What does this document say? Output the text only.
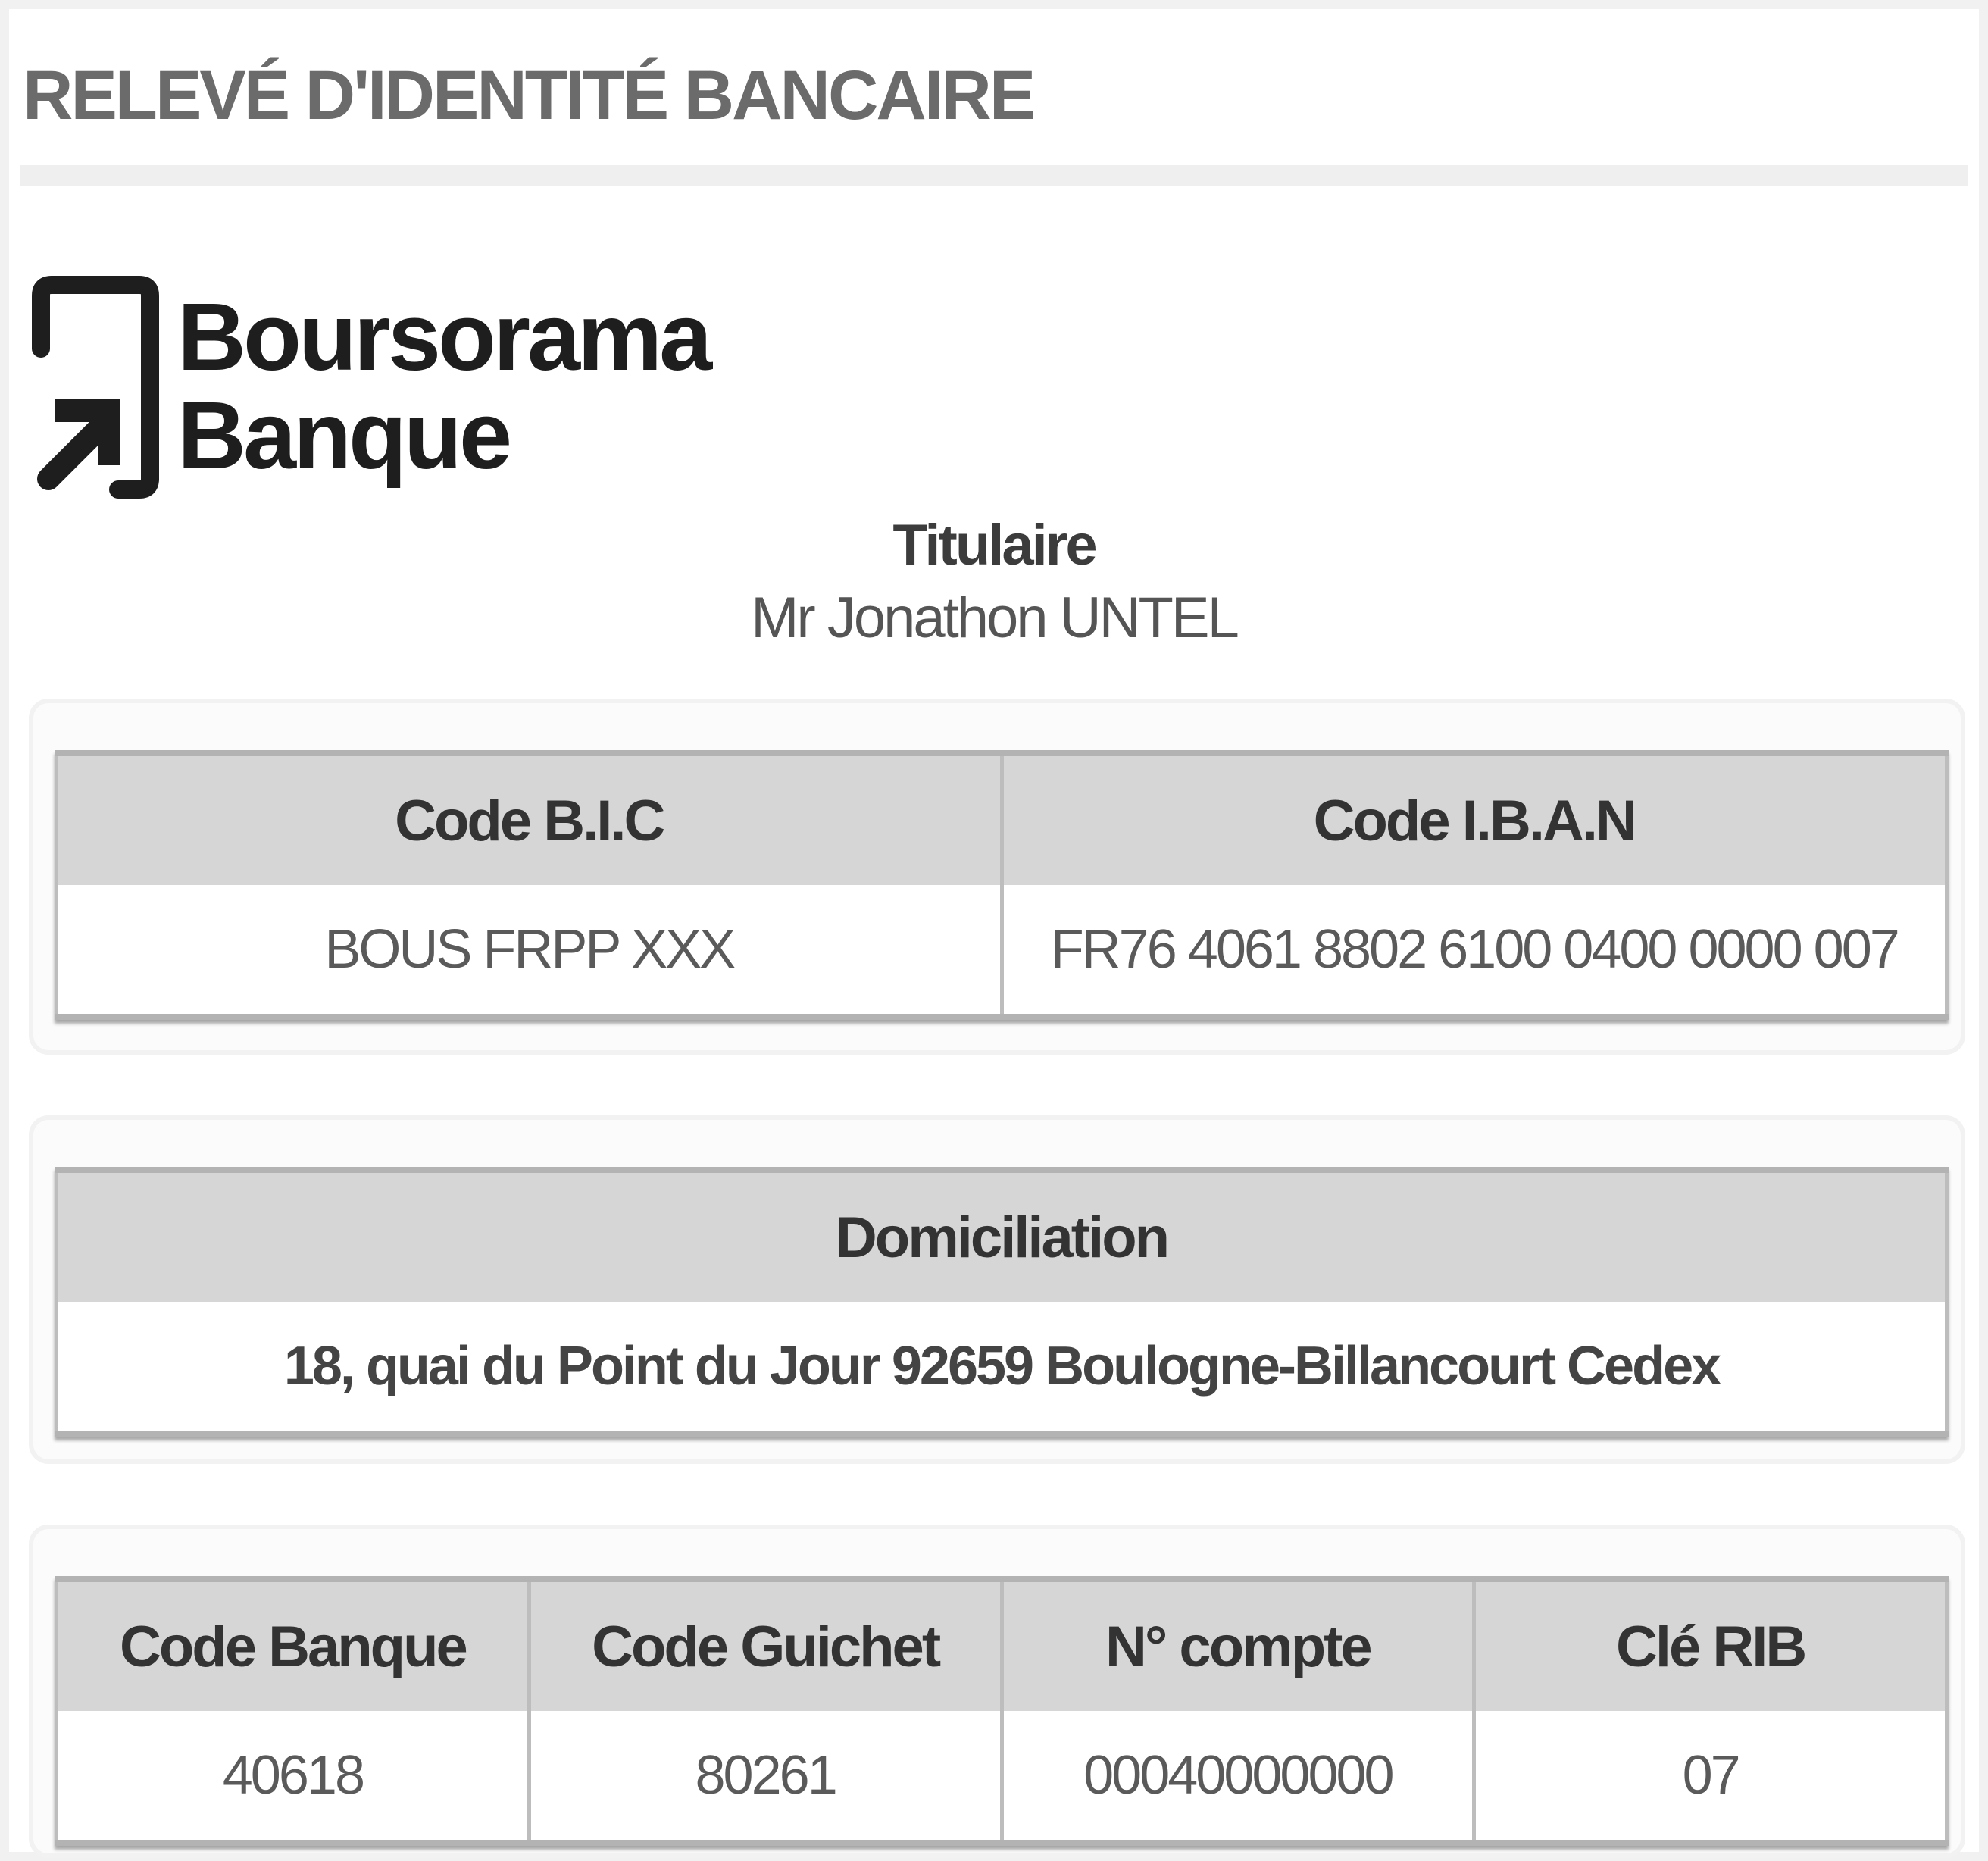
RELEVÉ D'IDENTITÉ BANCAIRE
Boursorama
Banque
Titulaire
Mr Jonathon UNTEL
Code B.I.C	Code I.B.A.N
BOUS FRPP XXX	FR76 4061 8802 6100 0400 0000 007
Domiciliation
18, quai du Point du Jour 92659 Boulogne-Billancourt Cedex
Code Banque	Code Guichet	N° compte	Clé RIB
40618	80261	00040000000	07
